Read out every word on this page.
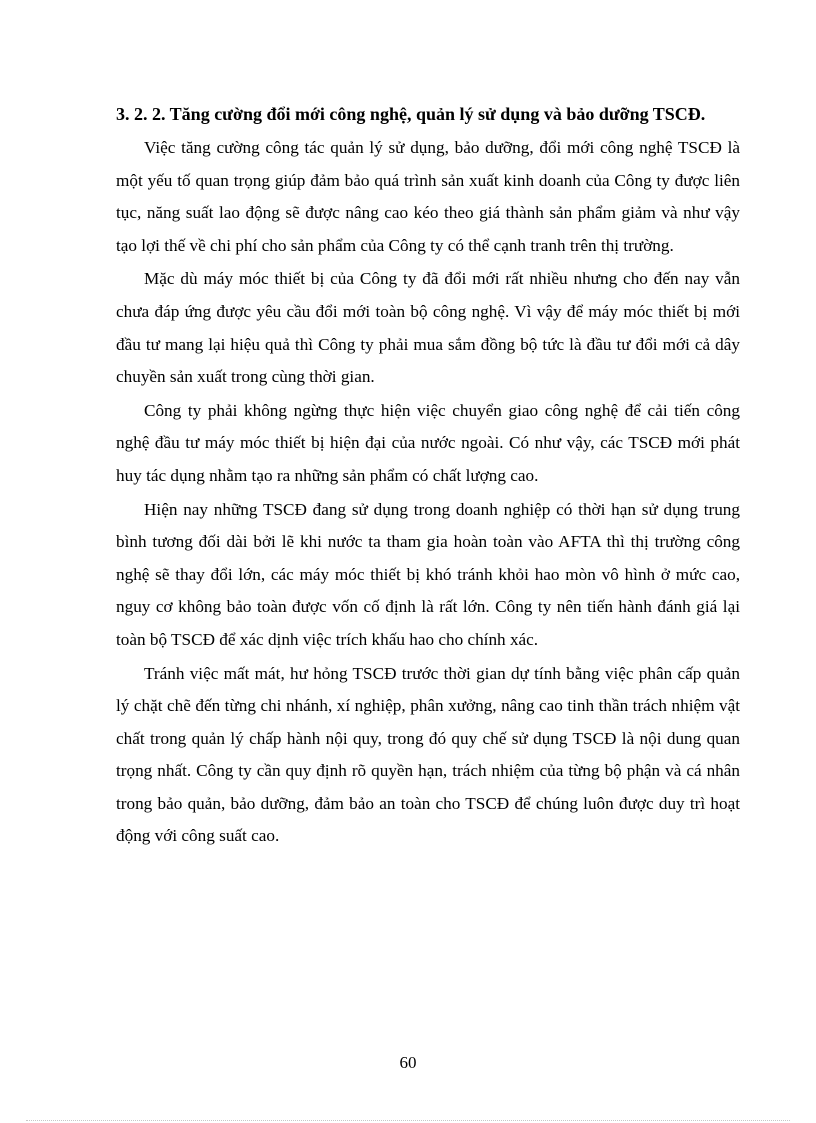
3. 2. 2. Tăng cường đổi mới công nghệ, quản lý sử dụng và bảo dưỡng TSCĐ.

Việc tăng cường công tác quản lý sử dụng, bảo dưỡng, đổi mới công nghệ TSCĐ là một yếu tố quan trọng giúp đảm bảo quá trình sản xuất kinh doanh của Công ty được liên tục, năng suất lao động sẽ được nâng cao kéo theo giá thành sản phẩm giảm và như vậy tạo lợi thế về chi phí cho sản phẩm của Công ty có thể cạnh tranh trên thị trường.

Mặc dù máy móc thiết bị của Công ty đã đổi mới rất nhiều nhưng cho đến nay vẫn chưa đáp ứng được yêu cầu đổi mới toàn bộ công nghệ. Vì vậy để máy móc thiết bị mới đầu tư mang lại hiệu quả thì Công ty phải mua sắm đồng bộ tức là đầu tư đổi mới cả dây chuyền sản xuất trong cùng thời gian.

Công ty phải không ngừng thực hiện việc chuyển giao công nghệ để cải tiến công nghệ đầu tư máy móc thiết bị hiện đại của nước ngoài. Có như vậy, các TSCĐ mới phát huy tác dụng nhằm tạo ra những sản phẩm có chất lượng cao.

Hiện nay những TSCĐ đang sử dụng trong doanh nghiệp có thời hạn sử dụng trung bình tương đối dài bởi lẽ khi nước ta tham gia hoàn toàn vào AFTA thì thị trường công nghệ sẽ thay đổi lớn, các máy móc thiết bị khó tránh khỏi hao mòn vô hình ở mức cao, nguy cơ không bảo toàn được vốn cố định là rất lớn. Công ty nên tiến hành đánh giá lại toàn bộ TSCĐ để xác dịnh việc trích khấu hao cho chính xác.

Tránh việc mất mát, hư hỏng TSCĐ trước thời gian dự tính bằng việc phân cấp quản lý chặt chẽ đến từng chi nhánh, xí nghiệp, phân xưởng, nâng cao tinh thần trách nhiệm vật chất trong quản lý chấp hành nội quy, trong đó quy chế sử dụng TSCĐ là nội dung quan trọng nhất. Công ty cần quy định rõ quyền hạn, trách nhiệm của từng bộ phận và cá nhân trong bảo quản, bảo dưỡng, đảm bảo an toàn cho TSCĐ để chúng luôn được duy trì hoạt động với công suất cao.

60
